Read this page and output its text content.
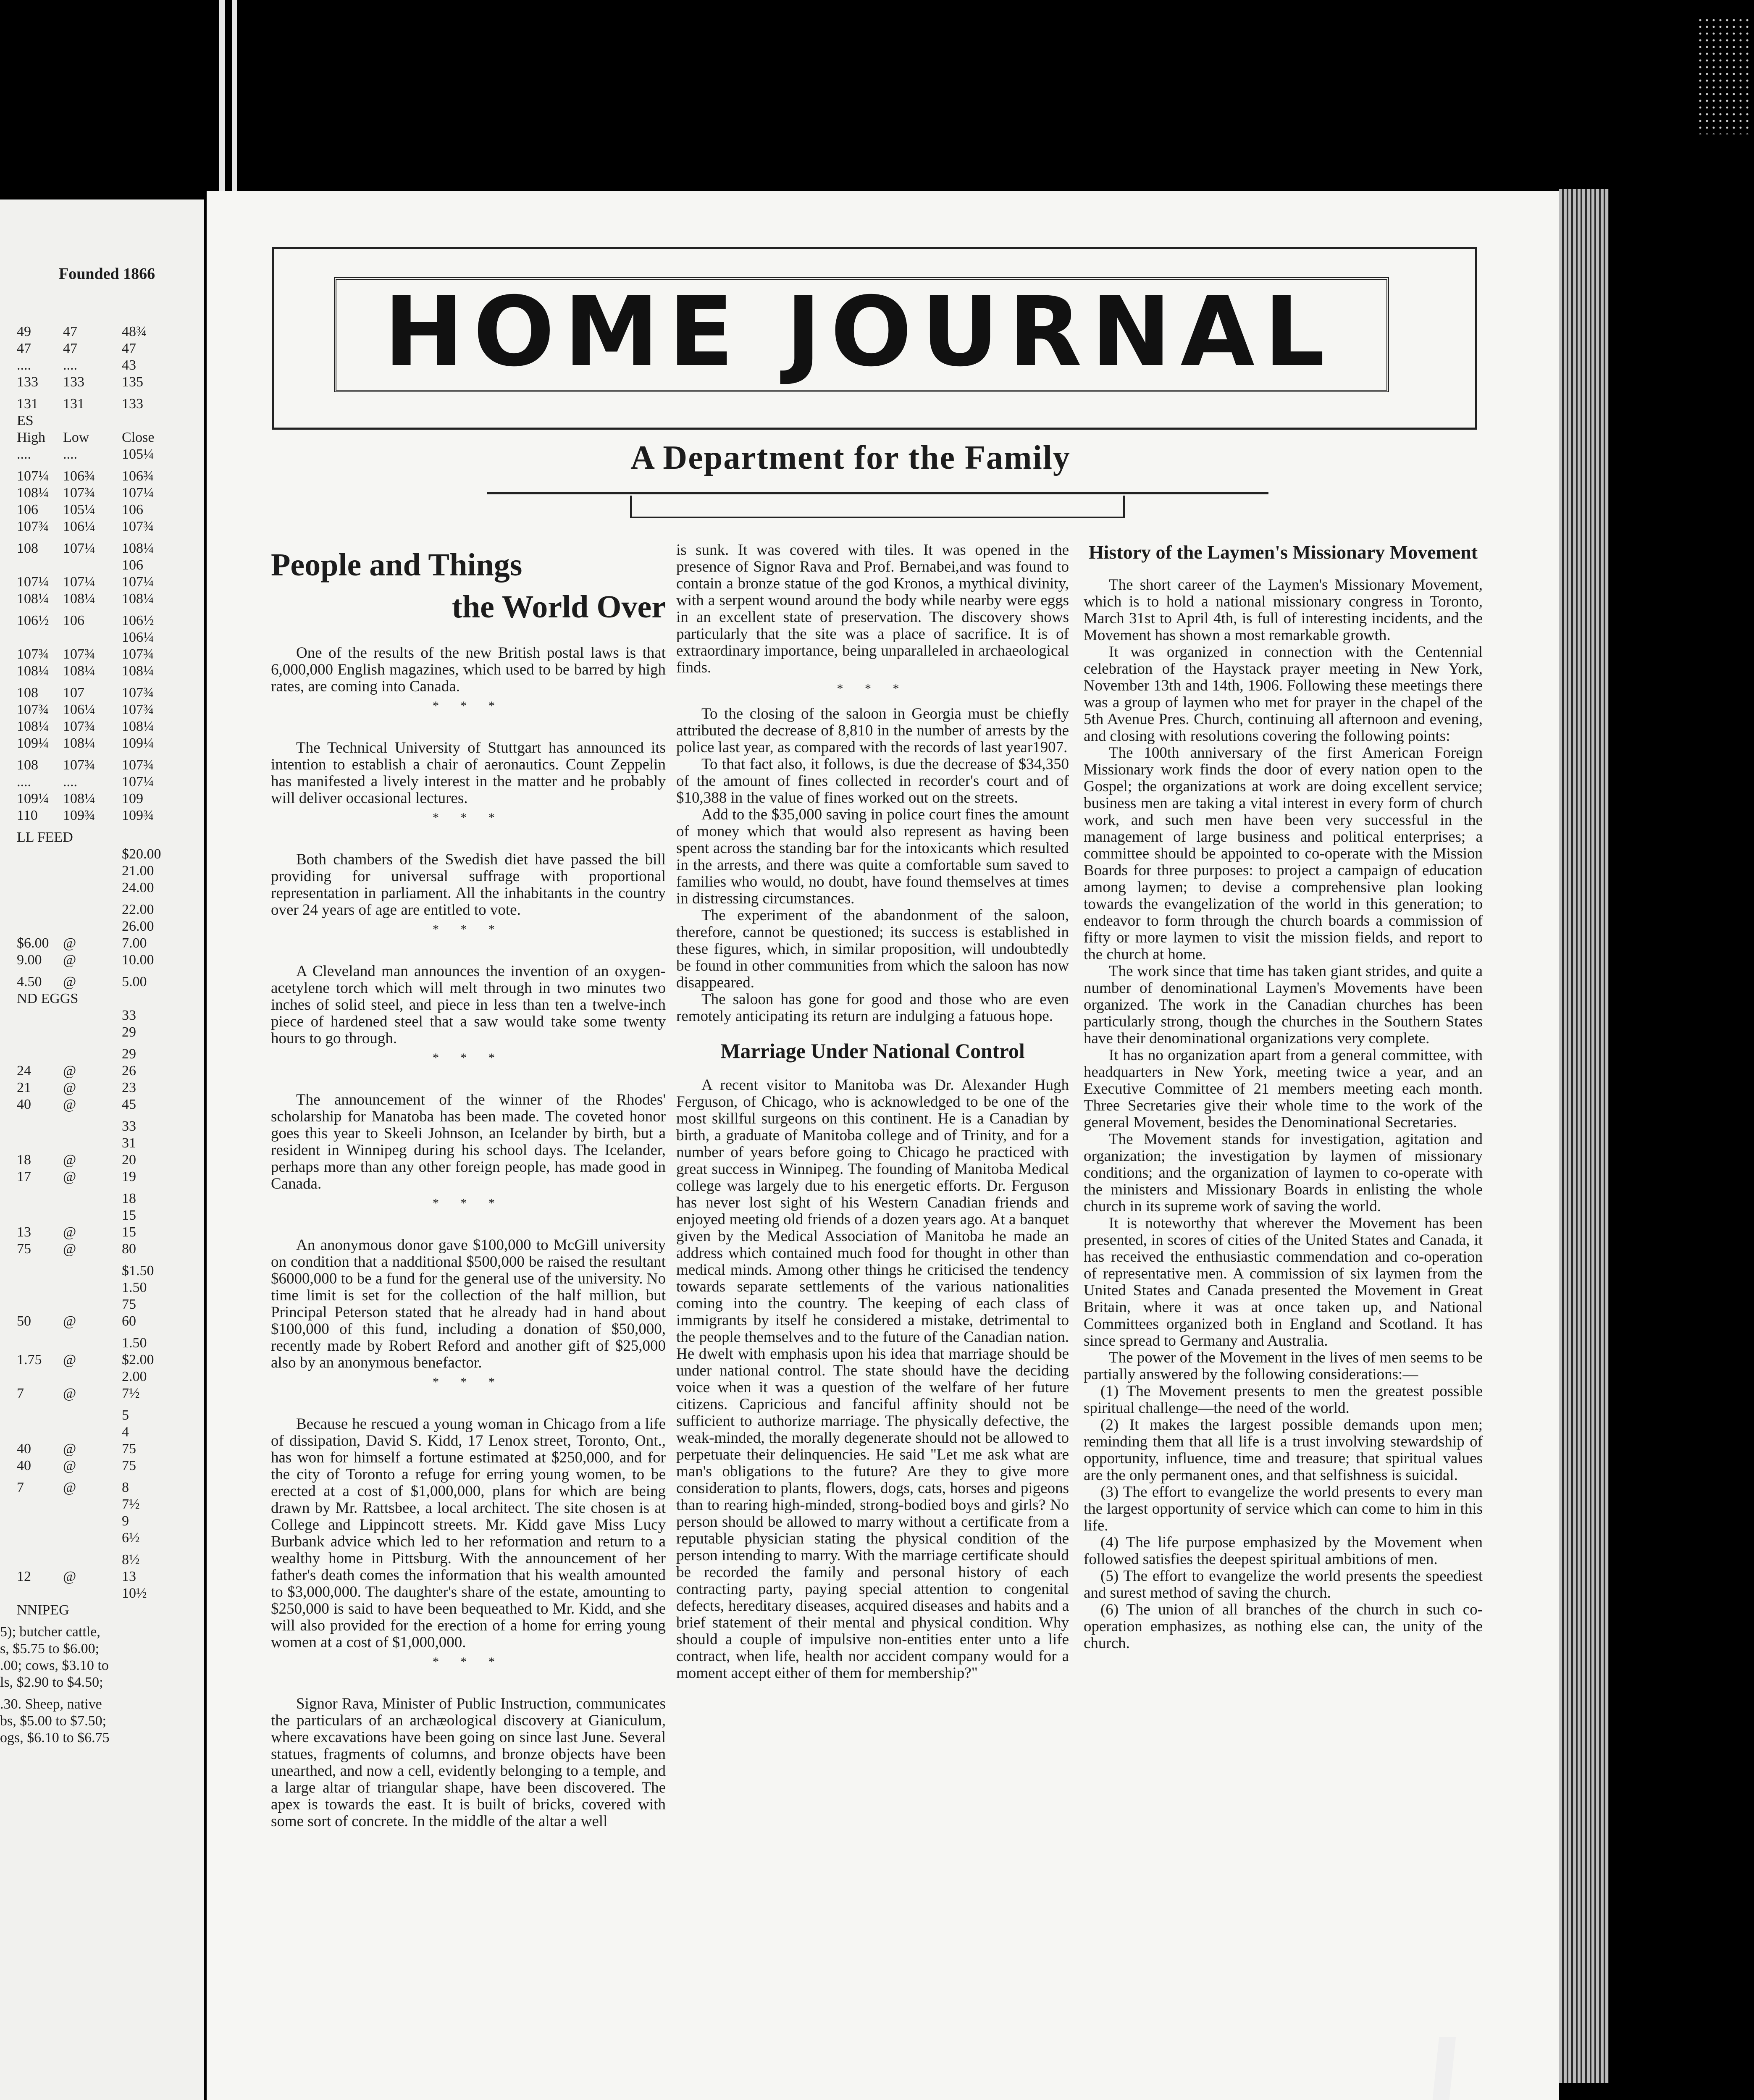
49 47	48¾
47 47	47
.... ....	43
133 133	135
131 131	133
ES
High Low Close
.... ....	105¼
107¼ 106¾ 106¾
108¼ 107¾ 107¼
106 105¼ 106
107¾ 106¼ 107¾
108 107¼ 108¼
106
107¼ 107¼ 107¼
108¼ 108¼ 108¼
106½ 106	106½
106¼
107¾ 107¾ 107¾
108¼ 108¼ 108¼
108 107	107¾
107¾ 106¼ 107¾
108¼ 107¾ 108¼
109¼ 108¼ 109¼
108 107¾ 107¾
.... ....	107¼
109¼ 108¼ 109
110 109¾ 109¾
LL FEED
$20.00
21.00
24.00
22.00
26.00
$6.00 @	7.00
9.00 @	10.00
4.50 @	5.00
ND EGGS
33
29
29
24 @	26
21 @	23
40 @	45
33
31
18 @	20
17 @	19
18
15
13 @	15
75 @	80
$1.50
1.50
75
50 @	60
1.50
1.75 @	$2.00
2.00
7	@	7½
5
4
40 @	75
40 @	75
7	@	8
7½
9
6½
8½
12 @	13
10½
NNIPEG
5); butcher cattle,
s, $5.75 to $6.00;
.00; cows, $3.10 to
ls, $2.90 to $4.50;
.30. Sheep, native
bs, $5.00 to $7.50;
ogs, $6.10 to $6.75
Founded 1866
HOME JOURNAL
A Department for the Family
People and Things
the World Over

One of the results of the new British postal laws is that 6,000,000 English magazines, which used to be barred by high rates, are coming into Canada.

* * *

The Technical University of Stuttgart has announced its intention to establish a chair of aeronautics. Count Zeppelin has manifested a lively interest in the matter and he probably will deliver occasional lectures.

* * *

Both chambers of the Swedish diet have passed the bill providing for universal suffrage with proportional representation in parliament. All the inhabitants in the country over 24 years of age are entitled to vote.

* * *

A Cleveland man announces the invention of an oxygen-acetylene torch which will melt through in two minutes two inches of solid steel, and piece in less than ten a twelve-inch piece of hardened steel that a saw would take some twenty hours to go through.

* * *

The announcement of the winner of the Rhodes' scholarship for Manatoba has been made. The coveted honor goes this year to Skeeli Johnson, an Icelander by birth, but a resident in Winnipeg during his school days. The Icelander, perhaps more than any other foreign people, has made good in Canada.

* * *

An anonymous donor gave $100,000 to McGill university on condition that a nadditional $500,000 be raised the resultant $6000,000 to be a fund for the general use of the university. No time limit is set for the collection of the half million, but Principal Peterson stated that he already had in hand about $100,000 of this fund, including a donation of $50,000, recently made by Robert Reford and another gift of $25,000 also by an anonymous benefactor.

* * *

Because he rescued a young woman in Chicago from a life of dissipation, David S. Kidd, 17 Lenox street, Toronto, Ont., has won for himself a fortune estimated at $250,000, and for the city of Toronto a refuge for erring young women, to be erected at a cost of $1,000,000, plans for which are being drawn by Mr. Rattsbee, a local architect. The site chosen is at College and Lippincott streets. Mr. Kidd gave Miss Lucy Burbank advice which led to her reformation and return to a wealthy home in Pittsburg. With the announcement of her father's death comes the information that his wealth amounted to $3,000,000. The daughter's share of the estate, amounting to $250,000 is said to have been bequeathed to Mr. Kidd, and she will also provided for the erection of a home for erring young women at a cost of $1,000,000.

* * *

Signor Rava, Minister of Public Instruction, communicates the particulars of an archæological discovery at Gianiculum, where excavations have been going on since last June. Several statues, fragments of columns, and bronze objects have been unearthed, and now a cell, evidently belonging to a temple, and a large altar of triangular shape, have been discovered. The apex is towards the east. It is built of bricks, covered with some sort of concrete. In the middle of the altar a well

is sunk. It was covered with tiles. It was opened in the presence of Signor Rava and Prof. Bernabei,and was found to contain a bronze statue of the god Kronos, a mythical divinity, with a serpent wound around the body while nearby were eggs in an excellent state of preservation. The discovery shows particularly that the site was a place of sacrifice. It is of extraordinary importance, being unparalleled in archaeological finds.

* * *

To the closing of the saloon in Georgia must be chiefly attributed the decrease of 8,810 in the number of arrests by the police last year, as compared with the records of last year1907.

To that fact also, it follows, is due the decrease of $34,350 of the amount of fines collected in recorder's court and of $10,388 in the value of fines worked out on the streets.

Add to the $35,000 saving in police court fines the amount of money which that would also represent as having been spent across the standing bar for the intoxicants which resulted in the arrests, and there was quite a comfortable sum saved to families who would, no doubt, have found themselves at times in distressing circumstances.

The experiment of the abandonment of the saloon, therefore, cannot be questioned; its success is established in these figures, which, in similar proposition, will undoubtedly be found in other communities from which the saloon has now disappeared.

The saloon has gone for good and those who are even remotely anticipating its return are indulging a fatuous hope.

Marriage Under National Control

A recent visitor to Manitoba was Dr. Alexander Hugh Ferguson, of Chicago, who is acknowledged to be one of the most skillful surgeons on this continent. He is a Canadian by birth, a graduate of Manitoba college and of Trinity, and for a number of years before going to Chicago he practiced with great success in Winnipeg. The founding of Manitoba Medical college was largely due to his energetic efforts. Dr. Ferguson has never lost sight of his Western Canadian friends and enjoyed meeting old friends of a dozen years ago. At a banquet given by the Medical Association of Manitoba he made an address which contained much food for thought in other than medical minds. Among other things he criticised the tendency towards separate settlements of the various nationalities coming into the country. The keeping of each class of immigrants by itself he considered a mistake, detrimental to the people themselves and to the future of the Canadian nation. He dwelt with emphasis upon his idea that marriage should be under national control. The state should have the deciding voice when it was a question of the welfare of her future citizens. Capricious and fanciful affinity should not be sufficient to authorize marriage. The physically defective, the weak-minded, the morally degenerate should not be allowed to perpetuate their delinquencies. He said "Let me ask what are man's obligations to the future? Are they to give more consideration to plants, flowers, dogs, cats, horses and pigeons than to rearing high-minded, strong-bodied boys and girls? No person should be allowed to marry without a certificate from a reputable physician stating the physical condition of the person intending to marry. With the marriage certificate should be recorded the family and personal history of each contracting party, paying special attention to congenital defects, hereditary diseases, acquired diseases and habits and a brief statement of their mental and physical condition. Why should a couple of impulsive non-entities enter unto a life contract, when life, health nor accident company would for a moment accept either of them for membership?"

History of the Laymen's Missionary Movement

The short career of the Laymen's Missionary Movement, which is to hold a national missionary congress in Toronto, March 31st to April 4th, is full of interesting incidents, and the Movement has shown a most remarkable growth.

It was organized in connection with the Centennial celebration of the Haystack prayer meeting in New York, November 13th and 14th, 1906. Following these meetings there was a group of laymen who met for prayer in the chapel of the 5th Avenue Pres. Church, continuing all afternoon and evening, and closing with resolutions covering the following points:

The 100th anniversary of the first American Foreign Missionary work finds the door of every nation open to the Gospel; the organizations at work are doing excellent service; business men are taking a vital interest in every form of church work, and such men have been very successful in the management of large business and political enterprises; a committee should be appointed to co-operate with the Mission Boards for three purposes: to project a campaign of education among laymen; to devise a comprehensive plan looking towards the evangelization of the world in this generation; to endeavor to form through the church boards a commission of fifty or more laymen to visit the mission fields, and report to the church at home.

The work since that time has taken giant strides, and quite a number of denominational Laymen's Movements have been organized. The work in the Canadian churches has been particularly strong, though the churches in the Southern States have their denominational organizations very complete.

It has no organization apart from a general committee, with headquarters in New York, meeting twice a year, and an Executive Committee of 21 members meeting each month. Three Secretaries give their whole time to the work of the general Movement, besides the Denominational Secretaries.

The Movement stands for investigation, agitation and organization; the investigation by laymen of missionary conditions; and the organization of laymen to co-operate with the ministers and Missionary Boards in enlisting the whole church in its supreme work of saving the world.

It is noteworthy that wherever the Movement has been presented, in scores of cities of the United States and Canada, it has received the enthusiastic commendation and co-operation of representative men. A commission of six laymen from the United States and Canada presented the Movement in Great Britain, where it was at once taken up, and National Committees organized both in England and Scotland. It has since spread to Germany and Australia.

The power of the Movement in the lives of men seems to be partially answered by the following considerations:—

(1) The Movement presents to men the greatest possible spiritual challenge—the need of the world.

(2) It makes the largest possible demands upon men; reminding them that all life is a trust involving stewardship of opportunity, influence, time and treasure; that spiritual values are the only permanent ones, and that selfishness is suicidal.

(3) The effort to evangelize the world presents to every man the largest opportunity of service which can come to him in this life.

(4) The life purpose emphasized by the Movement when followed satisfies the deepest spiritual ambitions of men.

(5) The effort to evangelize the world presents the speediest and surest method of saving the church.

(6) The union of all branches of the church in such co-operation emphasizes, as nothing else can, the unity of the church.
